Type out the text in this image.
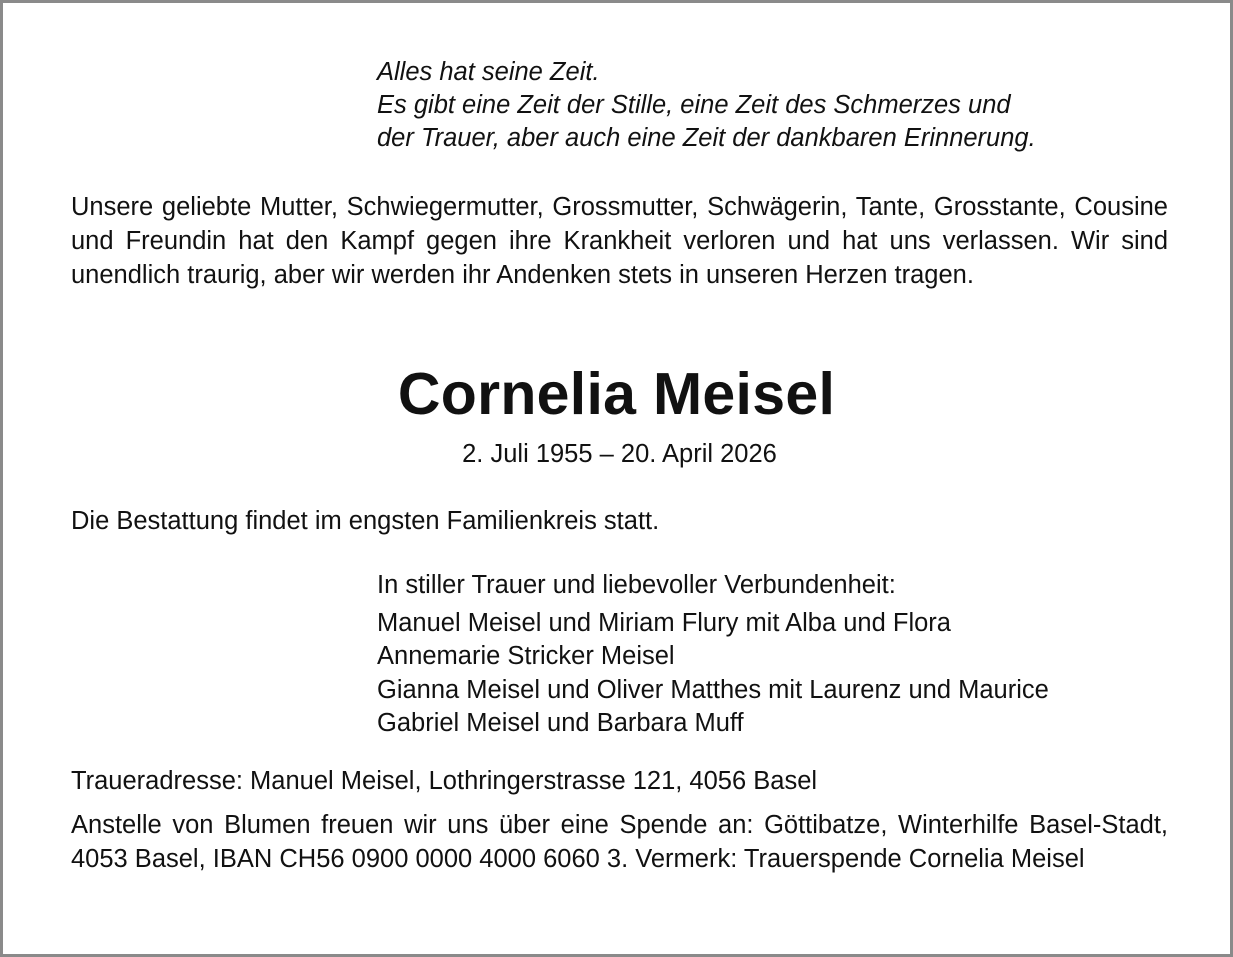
Alles hat seine Zeit.
Es gibt eine Zeit der Stille, eine Zeit des Schmerzes und
der Trauer, aber auch eine Zeit der dankbaren Erinnerung.
Unsere geliebte Mutter, Schwiegermutter, Grossmutter, Schwägerin, Tante, Grosstante, Cousine und Freundin hat den Kampf gegen ihre Krankheit verloren und hat uns verlassen. Wir sind unendlich traurig, aber wir werden ihr Andenken stets in unseren Herzen tragen.
Cornelia Meisel
2. Juli 1955 – 20. April 2026
Die Bestattung findet im engsten Familienkreis statt.
In stiller Trauer und liebevoller Verbundenheit:
Manuel Meisel und Miriam Flury mit Alba und Flora
Annemarie Stricker Meisel
Gianna Meisel und Oliver Matthes mit Laurenz und Maurice
Gabriel Meisel und Barbara Muff
Traueradresse: Manuel Meisel, Lothringerstrasse 121, 4056 Basel
Anstelle von Blumen freuen wir uns über eine Spende an: Göttibatze, Winterhilfe Basel-Stadt, 4053 Basel, IBAN CH56 0900 0000 4000 6060 3. Vermerk: Trauerspende Cornelia Meisel
